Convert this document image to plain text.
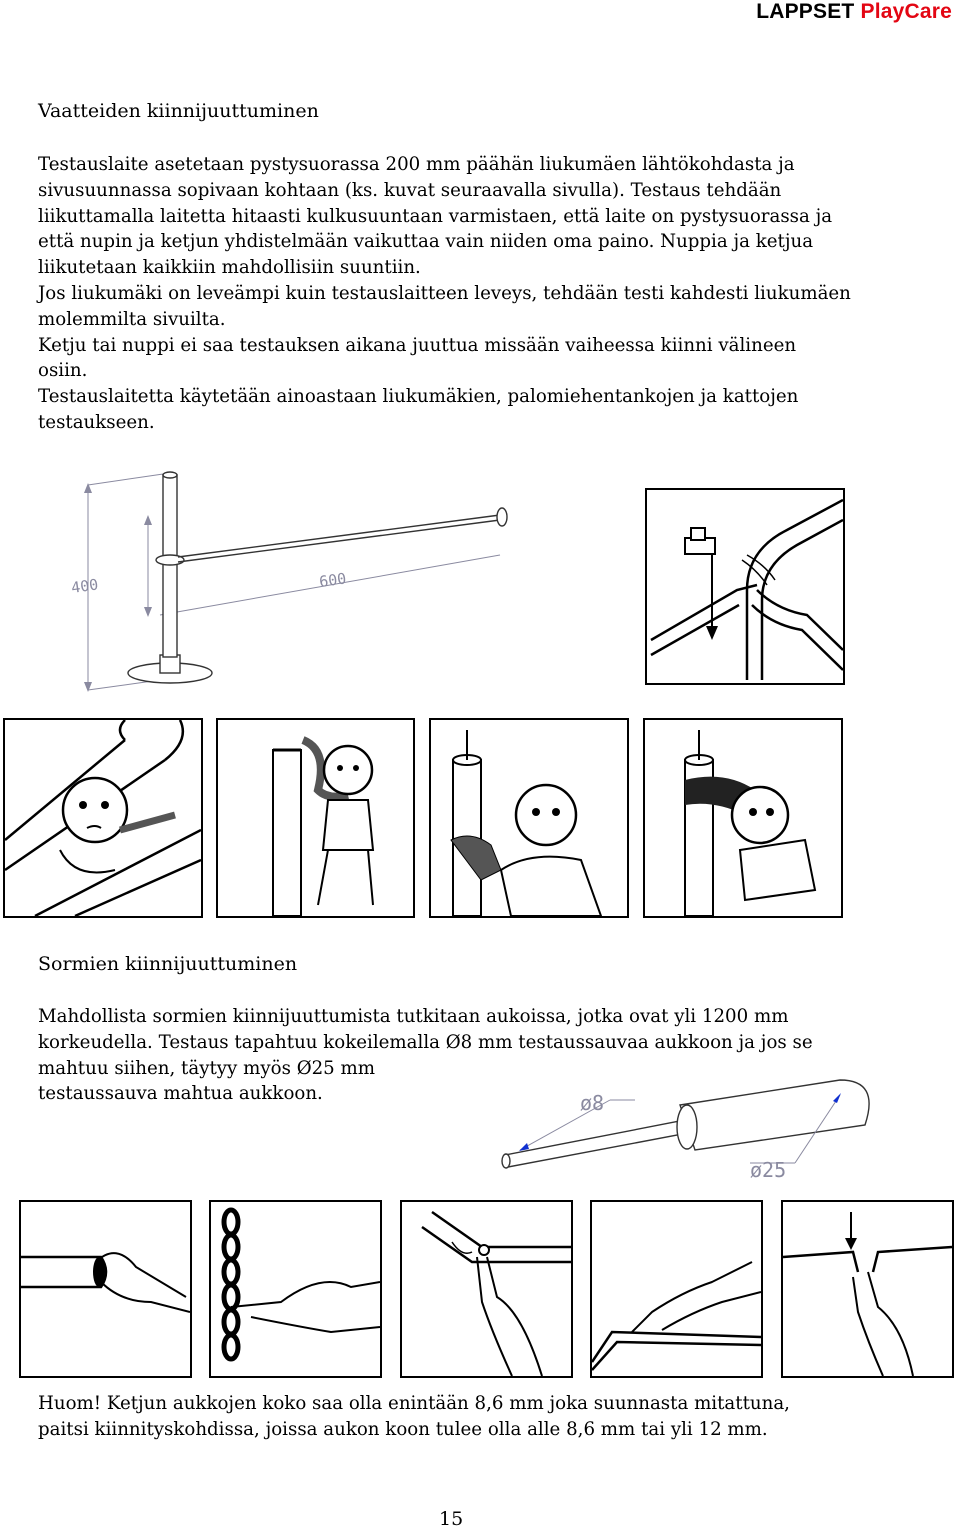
LAPPSET PlayCare
Vaatteiden kiinnijuuttuminen

Testauslaite asetetaan pystysuorassa 200 mm päähän liukumäen lähtökohdasta ja

sivusuunnassa sopivaan kohtaan (ks. kuvat seuraavalla sivulla). Testaus tehdään

liikuttamalla laitetta hitaasti kulkusuuntaan varmistaen, että laite on pystysuorassa ja

että nupin ja ketjun yhdistelmään vaikuttaa vain niiden oma paino. Nuppia ja ketjua

liikutetaan kaikkiin mahdollisiin suuntiin.

Jos liukumäki on leveämpi kuin testauslaitteen leveys, tehdään testi kahdesti liukumäen

molemmilta sivuilta.

Ketju tai nuppi ei saa testauksen aikana juuttua missään vaiheessa kiinni välineen

osiin.

Testauslaitetta käytetään ainoastaan liukumäkien, palomiehentankojen ja kattojen

testaukseen.

400	600
Sormien kiinnijuuttuminen

Mahdollista sormien kiinnijuuttumista tutkitaan aukoissa, jotka ovat yli 1200 mm

korkeudella. Testaus tapahtuu kokeilemalla Ø8 mm testaussauvaa aukkoon ja jos se

mahtuu siihen, täytyy myös Ø25 mm

testaussauva mahtua aukkoon.	ø8
ø25

Huom! Ketjun aukkojen koko saa olla enintään 8,6 mm joka suunnasta mitattuna,

paitsi kiinnityskohdissa, joissa aukon koon tulee olla alle 8,6 mm tai yli 12 mm.

15
